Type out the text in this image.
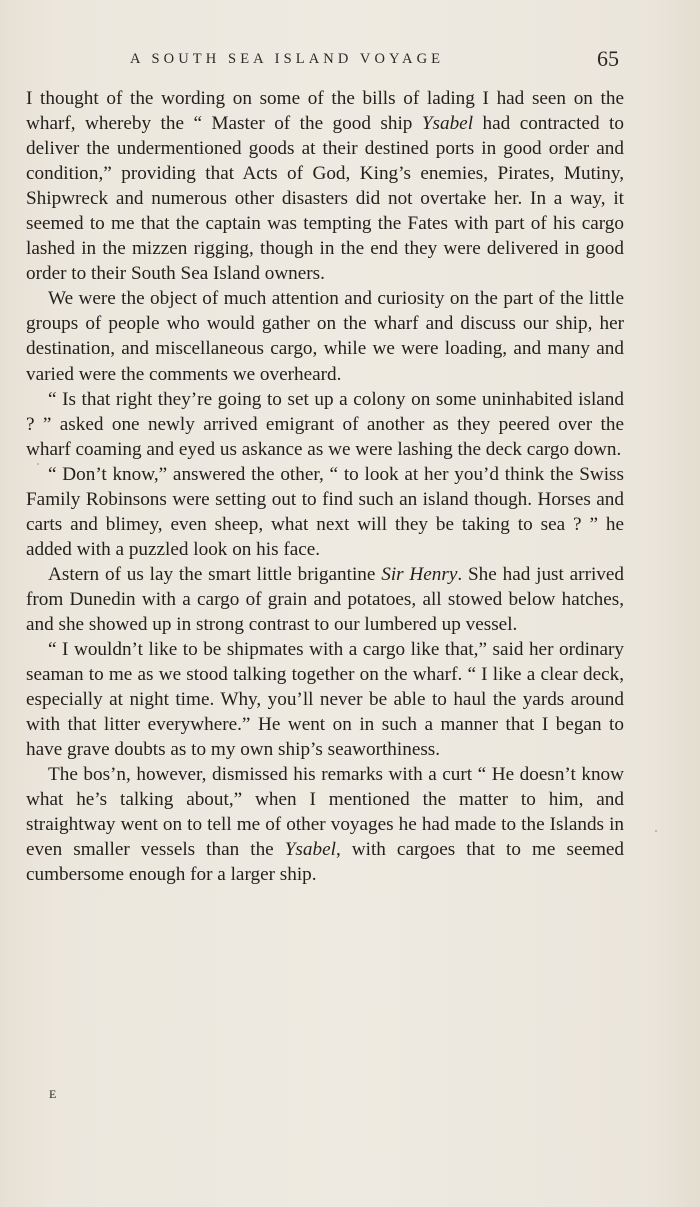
A SOUTH SEA ISLAND VOYAGE	65

I thought of the wording on some of the bills of lading I had seen on the wharf, whereby the “ Master of the good ship Ysabel had contracted to deliver the undermentioned goods at their destined ports in good order and condition,” providing that Acts of God, King’s enemies, Pirates, Mutiny, Shipwreck and numerous other disasters did not overtake her. In a way, it seemed to me that the captain was tempting the Fates with part of his cargo lashed in the mizzen rigging, though in the end they were delivered in good order to their South Sea Island owners.

We were the object of much attention and curiosity on the part of the little groups of people who would gather on the wharf and discuss our ship, her destination, and miscellaneous cargo, while we were loading, and many and varied were the comments we overheard.

“ Is that right they’re going to set up a colony on some uninhabited island ? ” asked one newly arrived emigrant of another as they peered over the wharf coaming and eyed us askance as we were lashing the deck cargo down.

“ Don’t know,” answered the other, “ to look at her you’d think the Swiss Family Robinsons were setting out to find such an island though. Horses and carts and blimey, even sheep, what next will they be taking to sea ? ” he added with a puzzled look on his face.

Astern of us lay the smart little brigantine Sir Henry. She had just arrived from Dunedin with a cargo of grain and potatoes, all stowed below hatches, and she showed up in strong contrast to our lumbered up vessel.

“ I wouldn’t like to be shipmates with a cargo like that,” said her ordinary seaman to me as we stood talking together on the wharf. “ I like a clear deck, especially at night time. Why, you’ll never be able to haul the yards around with that litter everywhere.” He went on in such a manner that I began to have grave doubts as to my own ship’s seaworthiness.

The bos’n, however, dismissed his remarks with a curt “ He doesn’t know what he’s talking about,” when I mentioned the matter to him, and straightway went on to tell me of other voyages he had made to the Islands in even smaller vessels than the Ysabel, with cargoes that to me seemed cumbersome enough for a larger ship.

E
